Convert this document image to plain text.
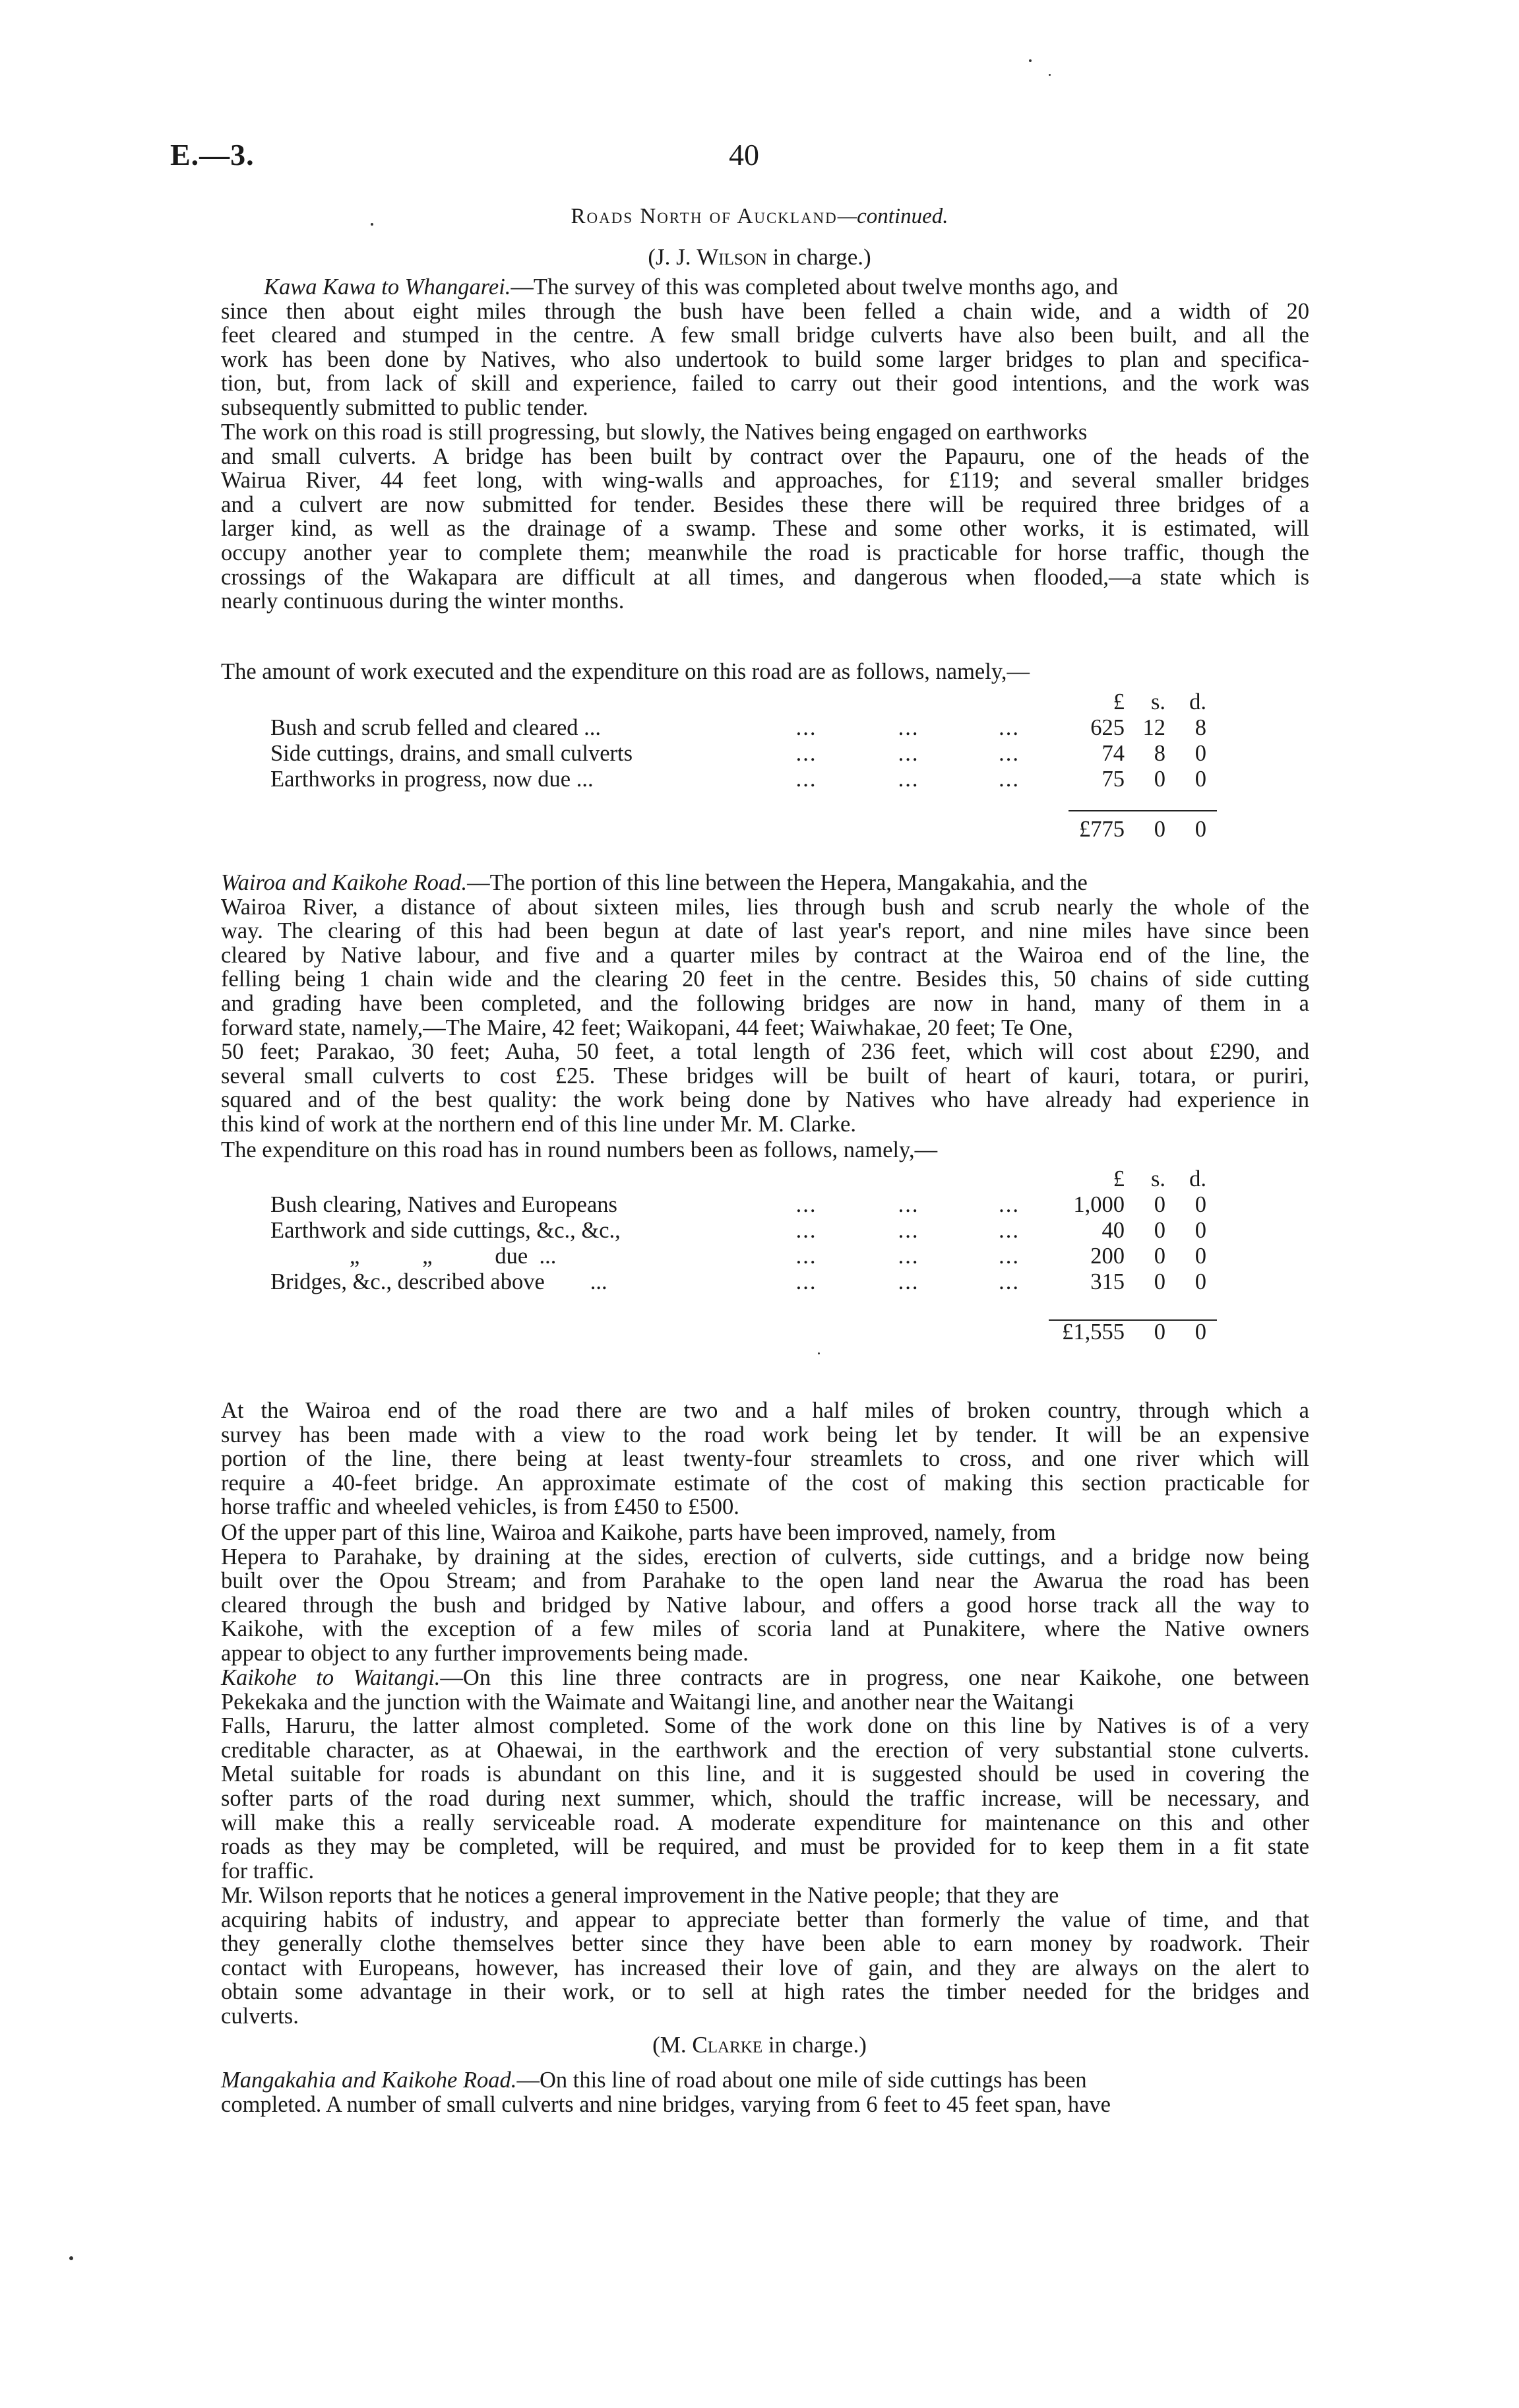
E.—3.	40
Roads North of Auckland—continued.
(J. J. Wilson in charge.)
Kawa Kawa to Whangarei.—The survey of this was completed about twelve months ago, and
since then about eight miles through the bush have been felled a chain wide, and a width of 20
feet cleared and stumped in the centre. A few small bridge culverts have also been built, and all the
work has been done by Natives, who also undertook to build some larger bridges to plan and specifica-
tion, but, from lack of skill and experience, failed to carry out their good intentions, and the work was
subsequently submitted to public tender.
The work on this road is still progressing, but slowly, the Natives being engaged on earthworks
and small culverts. A bridge has been built by contract over the Papauru, one of the heads of the
Wairua River, 44 feet long, with wing-walls and approaches, for £119; and several smaller bridges
and a culvert are now submitted for tender. Besides these there will be required three bridges of a
larger kind, as well as the drainage of a swamp. These and some other works, it is estimated, will
occupy another year to complete them; meanwhile the road is practicable for horse traffic, though the
crossings of the Wakapara are difficult at all times, and dangerous when flooded,—a state which is
nearly continuous during the winter months.
The amount of work executed and the expenditure on this road are as follows, namely,—
				£	s.	d.
Bush and scrub felled and cleared ...	...	...	...	625	12	8
Side cuttings, drains, and small culverts	...	...	...	74	8	0
Earthworks in progress, now due ...	...	...	...	75	0	0

				£775	0	0
Wairoa and Kaikohe Road.—The portion of this line between the Hepera, Mangakahia, and the
Wairoa River, a distance of about sixteen miles, lies through bush and scrub nearly the whole of the
way. The clearing of this had been begun at date of last year's report, and nine miles have since been
cleared by Native labour, and five and a quarter miles by contract at the Wairoa end of the line, the
felling being 1 chain wide and the clearing 20 feet in the centre. Besides this, 50 chains of side cutting
and grading have been completed, and the following bridges are now in hand, many of them in a
forward state, namely,—The Maire, 42 feet; Waikopani, 44 feet; Waiwhakae, 20 feet; Te One,
50 feet; Parakao, 30 feet; Auha, 50 feet, a total length of 236 feet, which will cost about £290, and
several small culverts to cost £25. These bridges will be built of heart of kauri, totara, or puriri,
squared and of the best quality: the work being done by Natives who have already had experience in
this kind of work at the northern end of this line under Mr. M. Clarke.
The expenditure on this road has in round numbers been as follows, namely,—
				£	s.	d.
Bush clearing, Natives and Europeans	...	...	...	1,000	0	0
Earthwork and side cuttings, &c., &c.,	...	...	...	40	0	0
„           „           due  ...	...	...	...	200	0	0
Bridges, &c., described above        ...	...	...	...	315	0	0

				£1,555	0	0
At the Wairoa end of the road there are two and a half miles of broken country, through which a
survey has been made with a view to the road work being let by tender. It will be an expensive
portion of the line, there being at least twenty-four streamlets to cross, and one river which will
require a 40-feet bridge. An approximate estimate of the cost of making this section practicable for
horse traffic and wheeled vehicles, is from £450 to £500.
Of the upper part of this line, Wairoa and Kaikohe, parts have been improved, namely, from
Hepera to Parahake, by draining at the sides, erection of culverts, side cuttings, and a bridge now being
built over the Opou Stream; and from Parahake to the open land near the Awarua the road has been
cleared through the bush and bridged by Native labour, and offers a good horse track all the way to
Kaikohe, with the exception of a few miles of scoria land at Punakitere, where the Native owners
appear to object to any further improvements being made.
Kaikohe to Waitangi.—On this line three contracts are in progress, one near Kaikohe, one between
Pekekaka and the junction with the Waimate and Waitangi line, and another near the Waitangi
Falls, Haruru, the latter almost completed. Some of the work done on this line by Natives is of a very
creditable character, as at Ohaewai, in the earthwork and the erection of very substantial stone culverts.
Metal suitable for roads is abundant on this line, and it is suggested should be used in covering the
softer parts of the road during next summer, which, should the traffic increase, will be necessary, and
will make this a really serviceable road. A moderate expenditure for maintenance on this and other
roads as they may be completed, will be required, and must be provided for to keep them in a fit state
for traffic.
Mr. Wilson reports that he notices a general improvement in the Native people; that they are
acquiring habits of industry, and appear to appreciate better than formerly the value of time, and that
they generally clothe themselves better since they have been able to earn money by roadwork. Their
contact with Europeans, however, has increased their love of gain, and they are always on the alert to
obtain some advantage in their work, or to sell at high rates the timber needed for the bridges and
culverts.
(M. Clarke in charge.)
Mangakahia and Kaikohe Road.—On this line of road about one mile of side cuttings has been
completed. A number of small culverts and nine bridges, varying from 6 feet to 45 feet span, have
